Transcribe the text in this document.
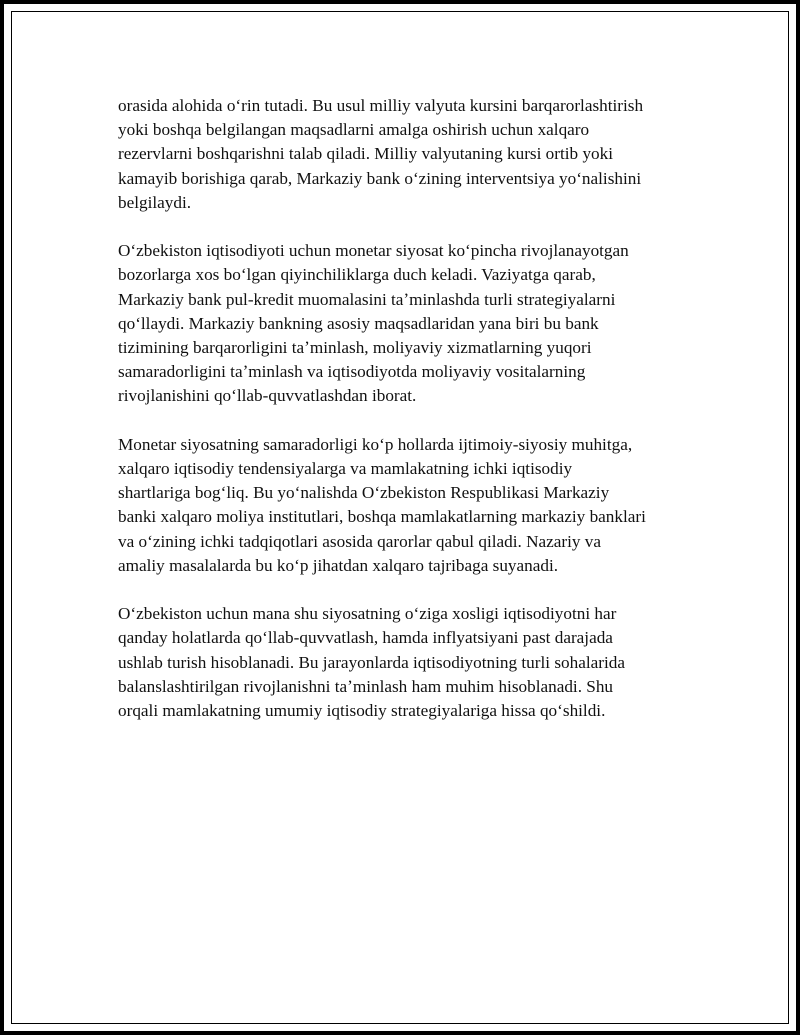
orasida alohida oʻrin tutadi. Bu usul milliy valyuta kursini barqarorlashtirish
yoki boshqa belgilangan maqsadlarni amalga oshirish uchun xalqaro
rezervlarni boshqarishni talab qiladi. Milliy valyutaning kursi ortib yoki
kamayib borishiga qarab, Markaziy bank oʻzining interventsiya yoʻnalishini
belgilaydi.
Oʻzbekiston iqtisodiyoti uchun monetar siyosat koʻpincha rivojlanayotgan
bozorlarga xos boʻlgan qiyinchiliklarga duch keladi. Vaziyatga qarab,
Markaziy bank pul-kredit muomalasini taʼminlashda turli strategiyalarni
qoʻllaydi. Markaziy bankning asosiy maqsadlaridan yana biri bu bank
tizimining barqarorligini taʼminlash, moliyaviy xizmatlarning yuqori
samaradorligini taʼminlash va iqtisodiyotda moliyaviy vositalarning
rivojlanishini qoʻllab-quvvatlashdan iborat.
Monetar siyosatning samaradorligi koʻp hollarda ijtimoiy-siyosiy muhitga,
xalqaro iqtisodiy tendensiyalarga va mamlakatning ichki iqtisodiy
shartlariga bogʻliq. Bu yoʻnalishda Oʻzbekiston Respublikasi Markaziy
banki xalqaro moliya institutlari, boshqa mamlakatlarning markaziy banklari
va oʻzining ichki tadqiqotlari asosida qarorlar qabul qiladi. Nazariy va
amaliy masalalarda bu koʻp jihatdan xalqaro tajribaga suyanadi.
Oʻzbekiston uchun mana shu siyosatning oʻziga xosligi iqtisodiyotni har
qanday holatlarda qoʻllab-quvvatlash, hamda inflyatsiyani past darajada
ushlab turish hisoblanadi. Bu jarayonlarda iqtisodiyotning turli sohalarida
balanslashtirilgan rivojlanishni taʼminlash ham muhim hisoblanadi. Shu
orqali mamlakatning umumiy iqtisodiy strategiyalariga hissa qoʻshildi.
